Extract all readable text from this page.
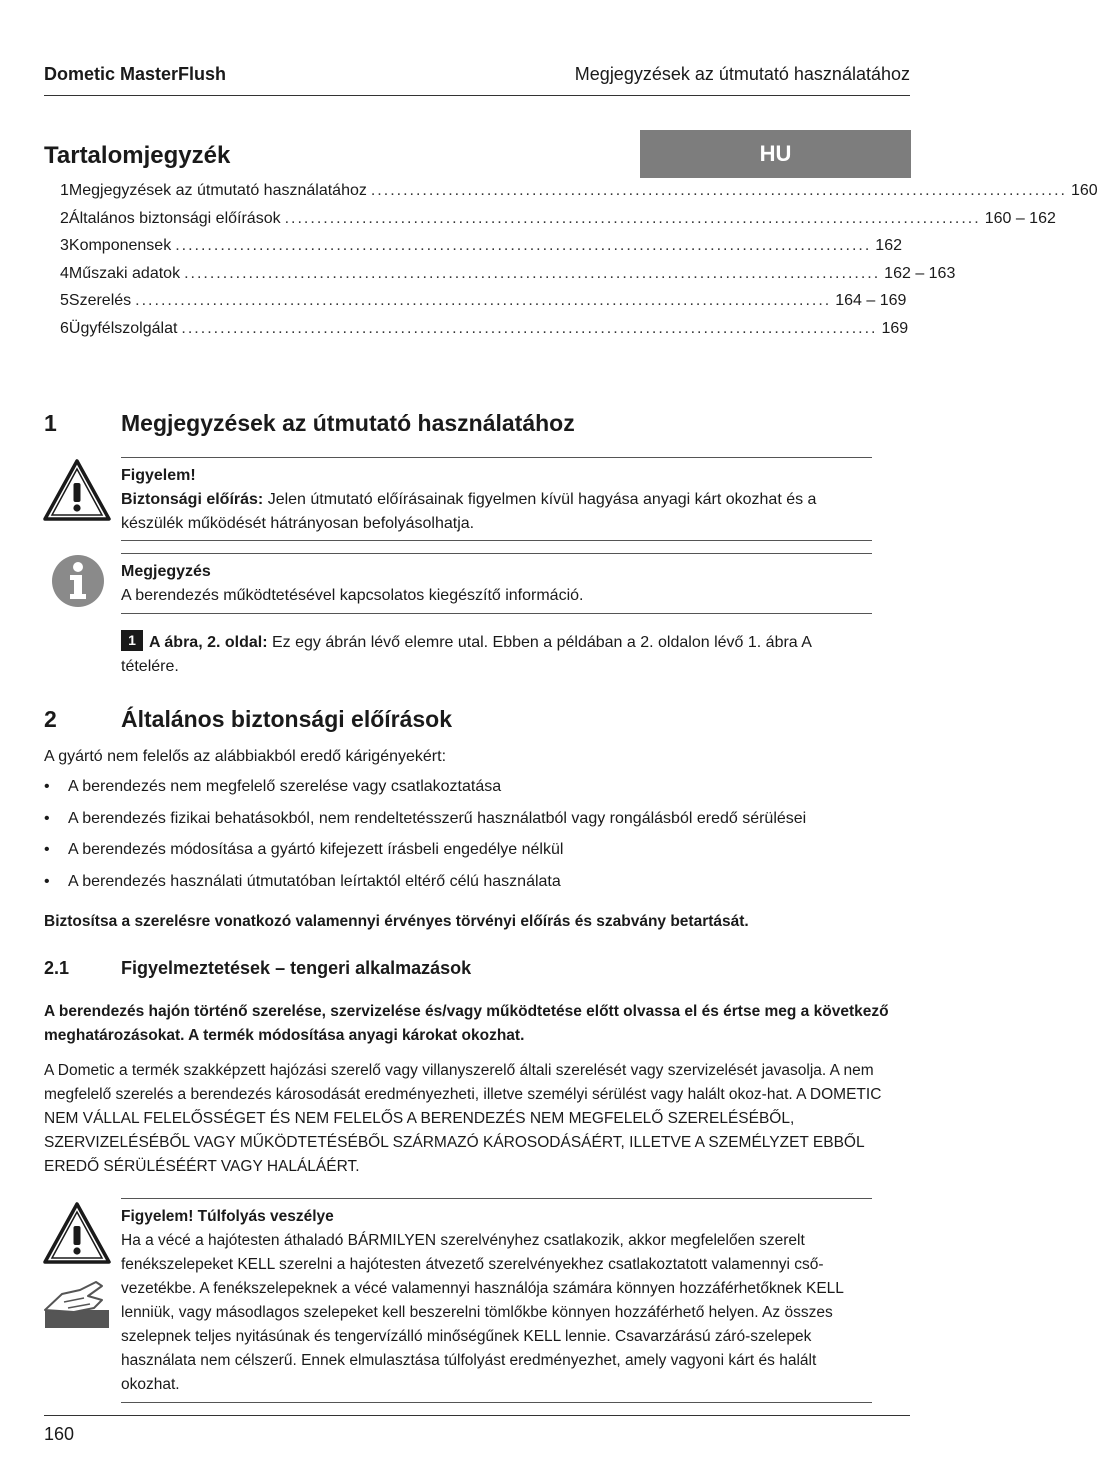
Dometic MasterFlush	Megjegyzések az útmutató használatához
Tartalomjegyzék	HU
1 Megjegyzések az útmutató használatához ............................................................................................................ 160
2 Általános biztonsági előírások ............................................................................................................ 160 – 162
3 Komponensek ............................................................................................................ 162
4 Műszaki adatok ............................................................................................................ 162 – 163
5 Szerelés ............................................................................................................ 164 – 169
6 Ügyfélszolgálat ............................................................................................................ 169
1	Megjegyzések az útmutató használatához
Figyelem!
Biztonsági előírás: Jelen útmutató előírásainak figyelmen kívül hagyása anyagi kárt okozhat és a készülék működését hátrányosan befolyásolhatja.
Megjegyzés
A berendezés működtetésével kapcsolatos kiegészítő információ.
1 A ábra, 2. oldal: Ez egy ábrán lévő elemre utal. Ebben a példában a 2. oldalon lévő 1. ábra A tételére.
2	Általános biztonsági előírások
A gyártó nem felelős az alábbiakból eredő kárigényekért:
•	A berendezés nem megfelelő szerelése vagy csatlakoztatása
•	A berendezés fizikai behatásokból, nem rendeltetésszerű használatból vagy rongálásból eredő sérülései
•	A berendezés módosítása a gyártó kifejezett írásbeli engedélye nélkül
•	A berendezés használati útmutatóban leírtaktól eltérő célú használata
Biztosítsa a szerelésre vonatkozó valamennyi érvényes törvényi előírás és szabvány betartását.
2.1	Figyelmeztetések – tengeri alkalmazások
A berendezés hajón történő szerelése, szervizelése és/vagy működtetése előtt olvassa el és értse meg a következő meghatározásokat. A termék módosítása anyagi károkat okozhat.
A Dometic a termék szakképzett hajózási szerelő vagy villanyszerelő általi szerelését vagy szervizelését javasolja. A nem megfelelő szerelés a berendezés károsodását eredményezheti, illetve személyi sérülést vagy halált okoz-hat. A DOMETIC NEM VÁLLAL FELELŐSSÉGET ÉS NEM FELELŐS A BERENDEZÉS NEM MEGFELELŐ SZERELÉSÉBŐL, SZERVIZELÉSÉBŐL VAGY MŰKÖDTETÉSÉBŐL SZÁRMAZÓ KÁROSODÁSÁÉRT, ILLETVE A SZEMÉLYZET EBBŐL EREDŐ SÉRÜLÉSÉÉRT VAGY HALÁLÁÉRT.
Figyelem! Túlfolyás veszélye
Ha a vécé a hajótesten áthaladó BÁRMILYEN szerelvényhez csatlakozik, akkor megfelelően szerelt fenékszelepeket KELL szerelni a hajótesten átvezető szerelvényekhez csatlakoztatott valamennyi cső-vezetékbe. A fenékszelepeknek a vécé valamennyi használója számára könnyen hozzáférhetőknek KELL lenniük, vagy másodlagos szelepeket kell beszerelni tömlőkbe könnyen hozzáférhető helyen. Az összes szelepnek teljes nyitásúnak és tengervízálló minőségűnek KELL lennie. Csavarzárású záró-szelepek használata nem célszerű. Ennek elmulasztása túlfolyást eredményezhet, amely vagyoni kárt és halált okozhat.
160
